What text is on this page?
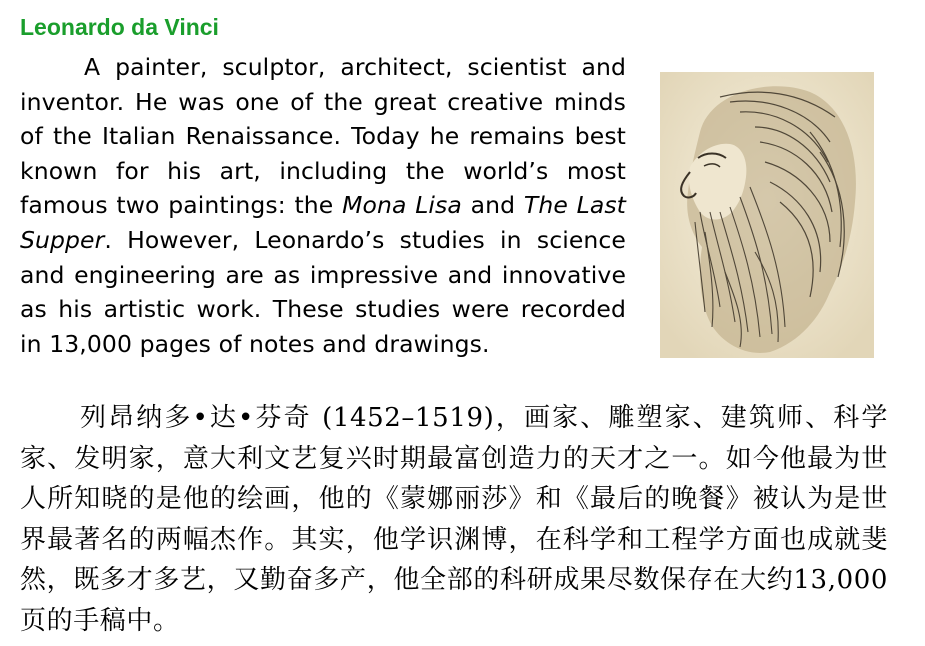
Leonardo da Vinci
A painter, sculptor, architect, scientist and inventor. He was one of the great creative minds of the Italian Renaissance. Today he remains best known for his art, including the world’s most famous two paintings: the Mona Lisa and The Last Supper. However, Leonardo’s studies in science and engineering are as impressive and innovative as his artistic work. These studies were recorded in 13,000 pages of notes and drawings.
列昂纳多•达•芬奇 (1452–1519)，画家、雕塑家、建筑师、科学家、发明家，意大利文艺复兴时期最富创造力的天才之一。如今他最为世人所知晓的是他的绘画，他的《蒙娜丽莎》和《最后的晚餐》被认为是世界最著名的两幅杰作。其实，他学识渊博，在科学和工程学方面也成就斐然，既多才多艺，又勤奋多产，他全部的科研成果尽数保存在大约13,000页的手稿中。
